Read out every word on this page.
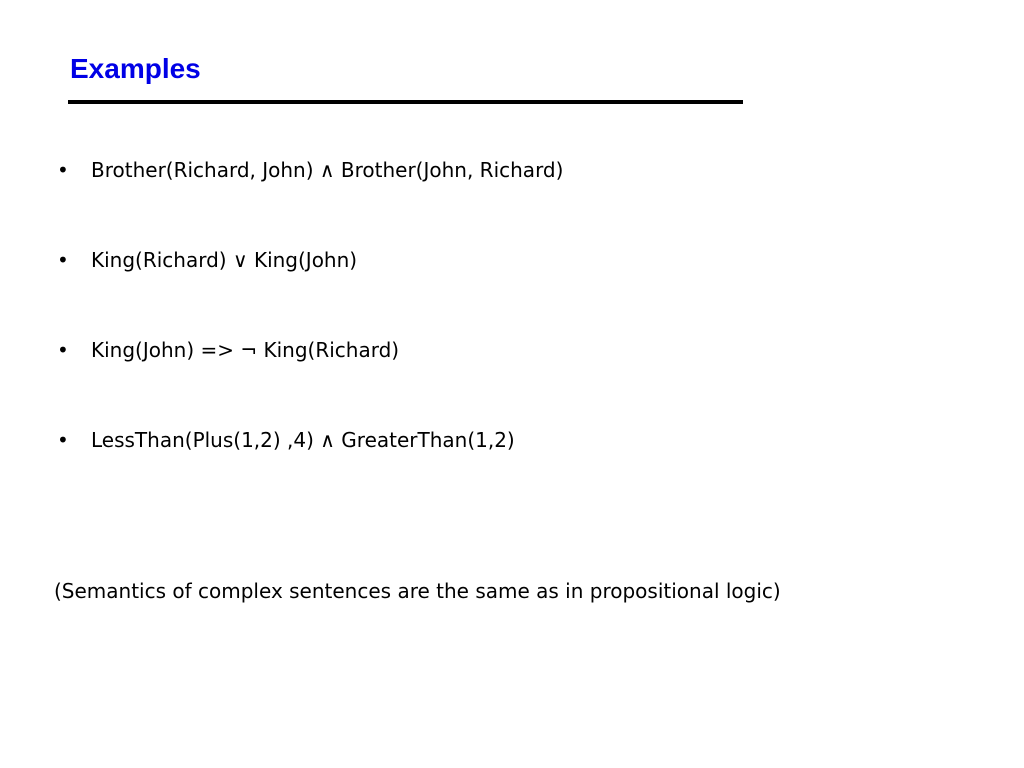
Examples
•	Brother(Richard, John) ∧ Brother(John, Richard)
•	King(Richard) ∨ King(John)
•	King(John) => ¬ King(Richard)
•	LessThan(Plus(1,2) ,4) ∧ GreaterThan(1,2)

(Semantics of complex sentences are the same as in propositional logic)
